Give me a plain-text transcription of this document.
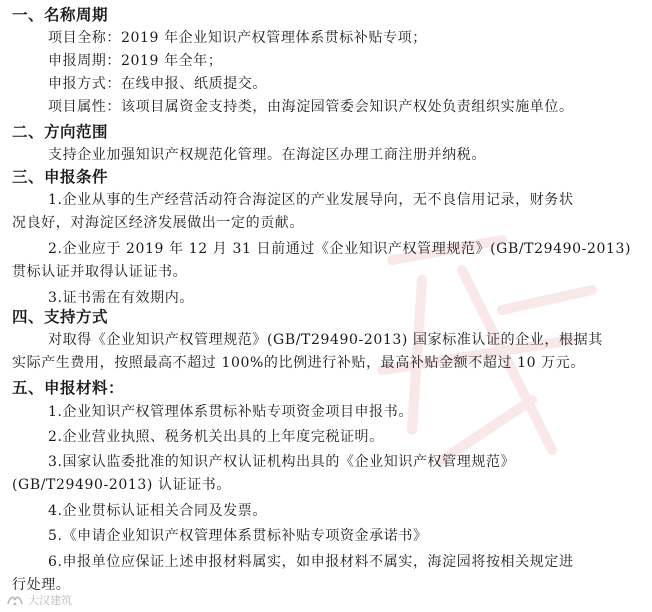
一、名称周期
项目全称：2019 年企业知识产权管理体系贯标补贴专项；
申报周期：2019 年全年；
申报方式：在线申报、纸质提交。
项目属性：该项目属资金支持类，由海淀园管委会知识产权处负责组织实施单位。
二、方向范围
支持企业加强知识产权规范化管理。在海淀区办理工商注册并纳税。
三、申报条件
1.企业从事的生产经营活动符合海淀区的产业发展导向，无不良信用记录，财务状
况良好，对海淀区经济发展做出一定的贡献。
2.企业应于 2019 年 12 月 31 日前通过《企业知识产权管理规范》(GB/T29490-2013)
贯标认证并取得认证证书。
3.证书需在有效期内。
四、支持方式
对取得《企业知识产权管理规范》(GB/T29490-2013) 国家标准认证的企业，根据其
实际产生费用，按照最高不超过 100%的比例进行补贴，最高补贴金额不超过 10 万元。
五、申报材料：
1.企业知识产权管理体系贯标补贴专项资金项目申报书。
2.企业营业执照、税务机关出具的上年度完税证明。
3.国家认监委批准的知识产权认证机构出具的《企业知识产权管理规范》
(GB/T29490-2013) 认证证书。
4.企业贯标认证相关合同及发票。
5.《申请企业知识产权管理体系贯标补贴专项资金承诺书》
6.申报单位应保证上述申报材料属实，如申报材料不属实，海淀园将按相关规定进
行处理。
大汉建筑
